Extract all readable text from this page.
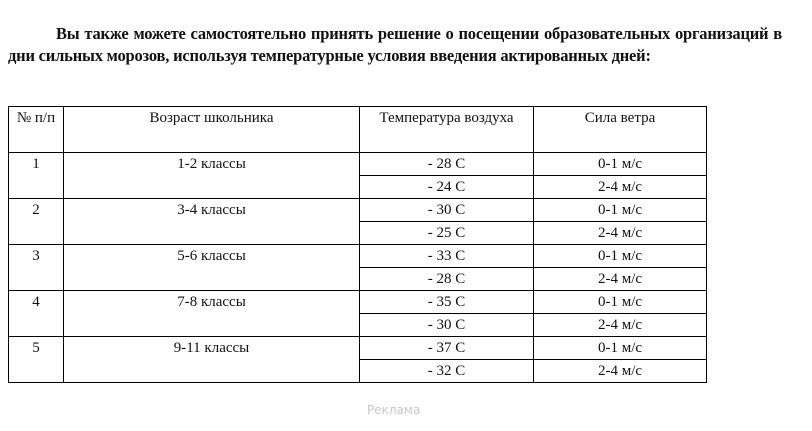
Вы также можете самостоятельно принять решение о посещении образовательных организаций в дни сильных морозов, используя температурные условия введения актированных дней:

№ п/п	Возраст школьника	Температура воздуха	Сила ветра
1	1-2 классы	- 28 С	0-1 м/с
		- 24 С	2-4 м/с
2	3-4 классы	- 30 С	0-1 м/с
		- 25 С	2-4 м/с
3	5-6 классы	- 33 С	0-1 м/с
		- 28 С	2-4 м/с
4	7-8 классы	- 35 С	0-1 м/с
		- 30 С	2-4 м/с
5	9-11 классы	- 37 С	0-1 м/с
		- 32 С	2-4 м/с
Реклама
